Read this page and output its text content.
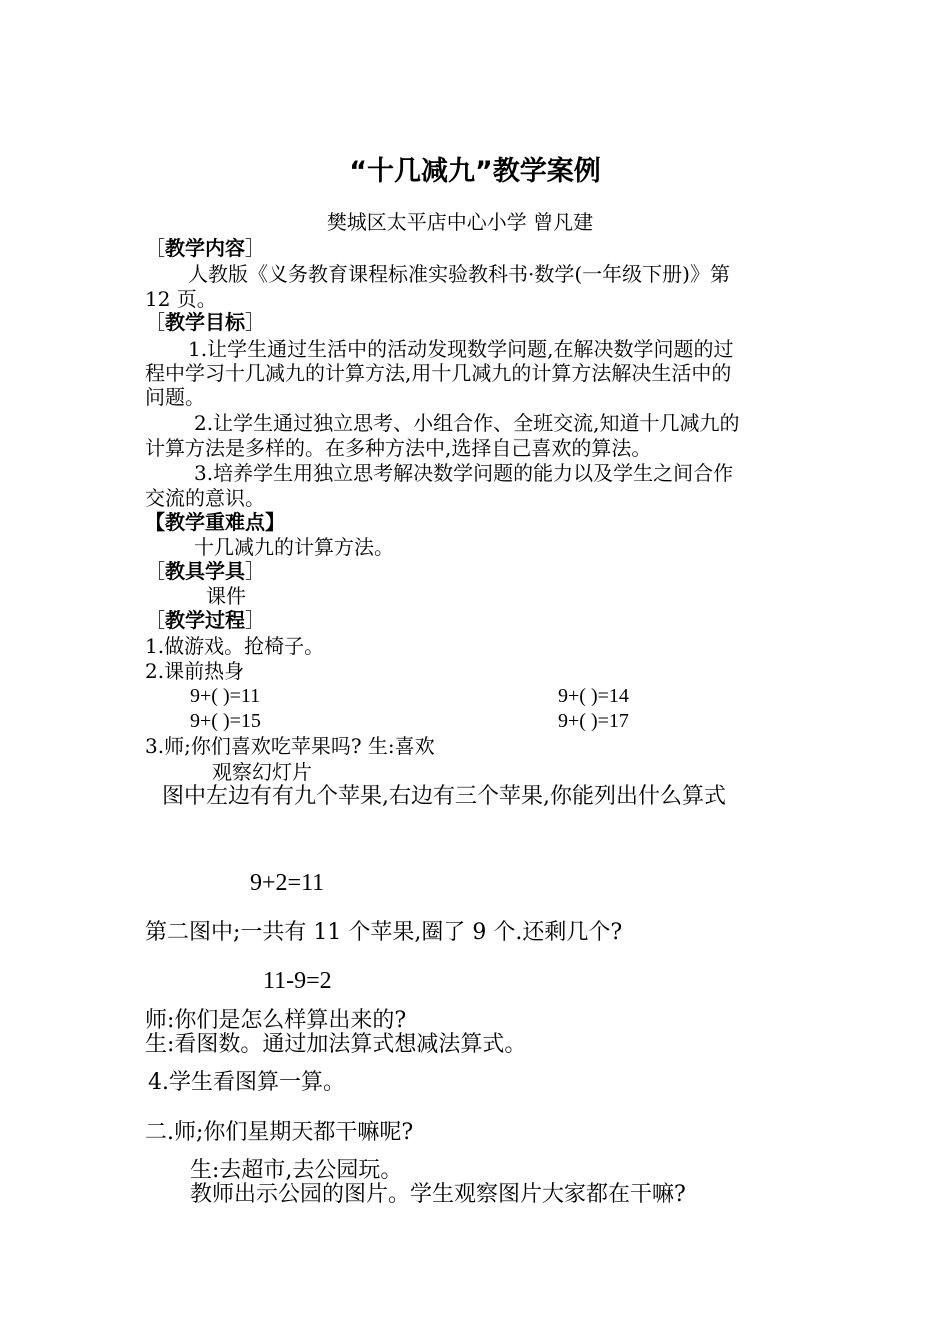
“十几减九”教学案例
樊城区太平店中心小学 曾凡建
［教学内容］
人教版《义务教育课程标准实验教科书·数学(一年级下册)》第
12 页。
［教学目标］
1.让学生通过生活中的活动发现数学问题,在解决数学问题的过
程中学习十几减九的计算方法,用十几减九的计算方法解决生活中的
问题。
2.让学生通过独立思考、小组合作、全班交流,知道十几减九的
计算方法是多样的。在多种方法中,选择自己喜欢的算法。
3.培养学生用独立思考解决数学问题的能力以及学生之间合作
交流的意识。
【教学重难点】
十几减九的计算方法。
［教具学具］
课件
［教学过程］
1.做游戏。抢椅子。
2.课前热身
9+( )=11	9+( )=14
9+( )=15	9+( )=17
3.师;你们喜欢吃苹果吗? 生:喜欢
观察幻灯片
图中左边有有九个苹果,右边有三个苹果,你能列出什么算式
9+2=11
第二图中;一共有 11 个苹果,圈了 9 个.还剩几个?
11-9=2
师:你们是怎么样算出来的?
生:看图数。通过加法算式想减法算式。
4.学生看图算一算。
二.师;你们星期天都干嘛呢?
生:去超市,去公园玩。
教师出示公园的图片。学生观察图片大家都在干嘛?
